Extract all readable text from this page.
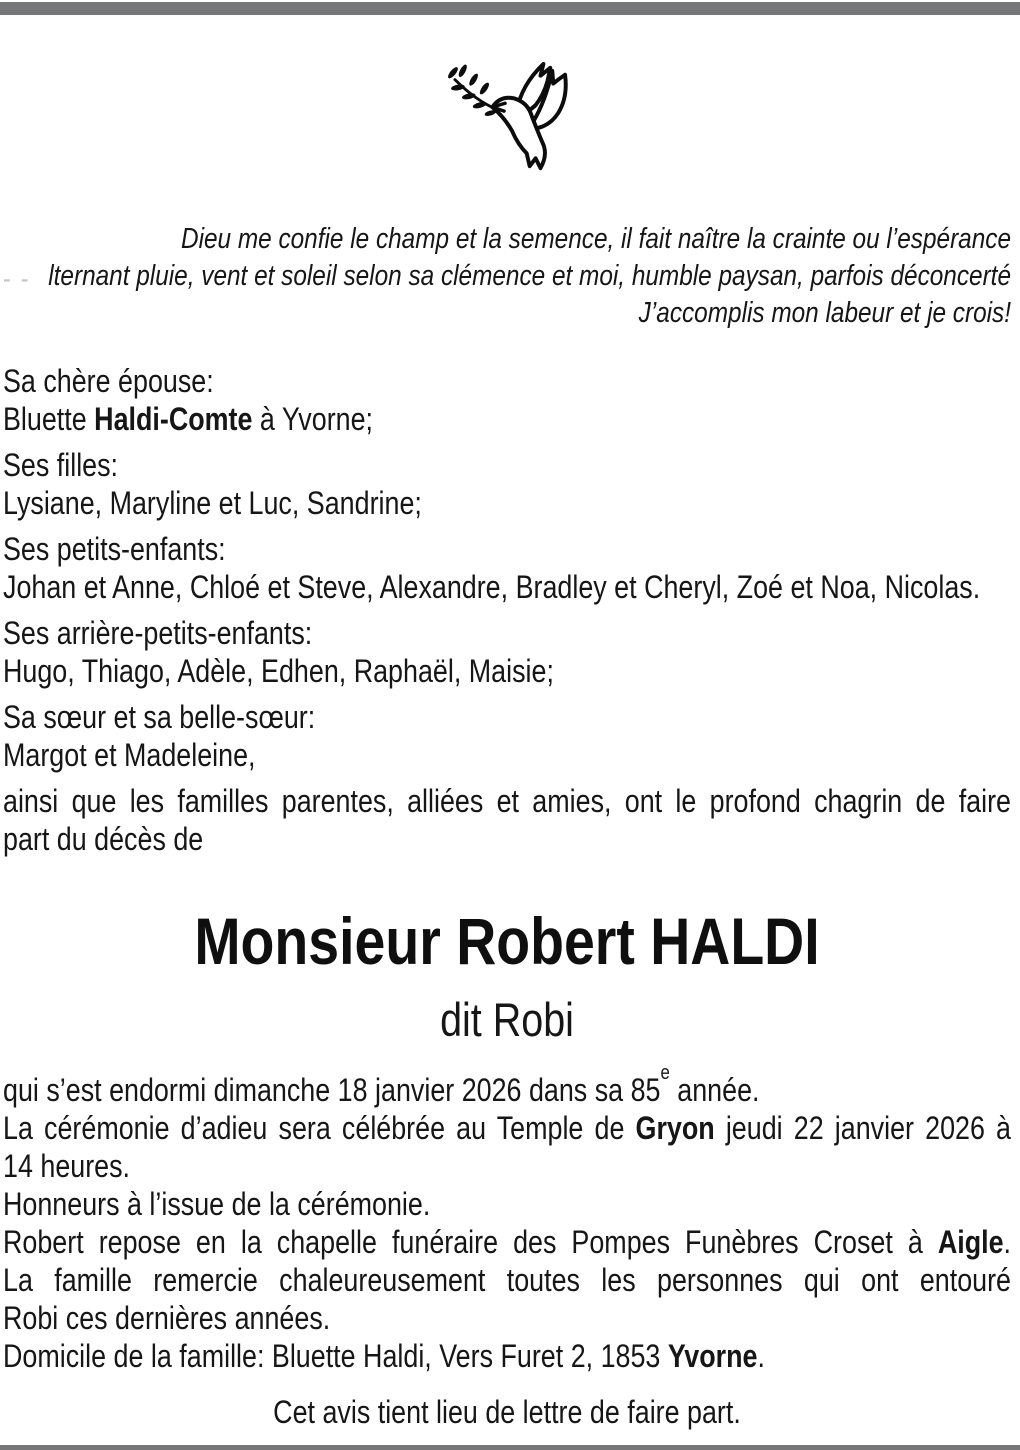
- -
Dieu me confie le champ et la semence, il fait naître la crainte ou l’espérance
lternant pluie, vent et soleil selon sa clémence et moi, humble paysan, parfois déconcerté
J’accomplis mon labeur et je crois!
Sa chère épouse:
Bluette Haldi-Comte à Yvorne;
Ses filles:
Lysiane, Maryline et Luc, Sandrine;
Ses petits-enfants:
Johan et Anne, Chloé et Steve, Alexandre, Bradley et Cheryl, Zoé et Noa, Nicolas.
Ses arrière-petits-enfants:
Hugo, Thiago, Adèle, Edhen, Raphaël, Maisie;
Sa sœur et sa belle-sœur:
Margot et Madeleine,
ainsi que les familles parentes, alliées et amies, ont le profond chagrin de faire
part du décès de
Monsieur Robert HALDI
dit Robi
qui s’est endormi dimanche 18 janvier 2026 dans sa 85e année.
La cérémonie d’adieu sera célébrée au Temple de Gryon jeudi 22 janvier 2026 à
14 heures.
Honneurs à l’issue de la cérémonie.
Robert repose en la chapelle funéraire des Pompes Funèbres Croset à Aigle.
La famille remercie chaleureusement toutes les personnes qui ont entouré
Robi ces dernières années.
Domicile de la famille: Bluette Haldi, Vers Furet 2, 1853 Yvorne.
Cet avis tient lieu de lettre de faire part.
